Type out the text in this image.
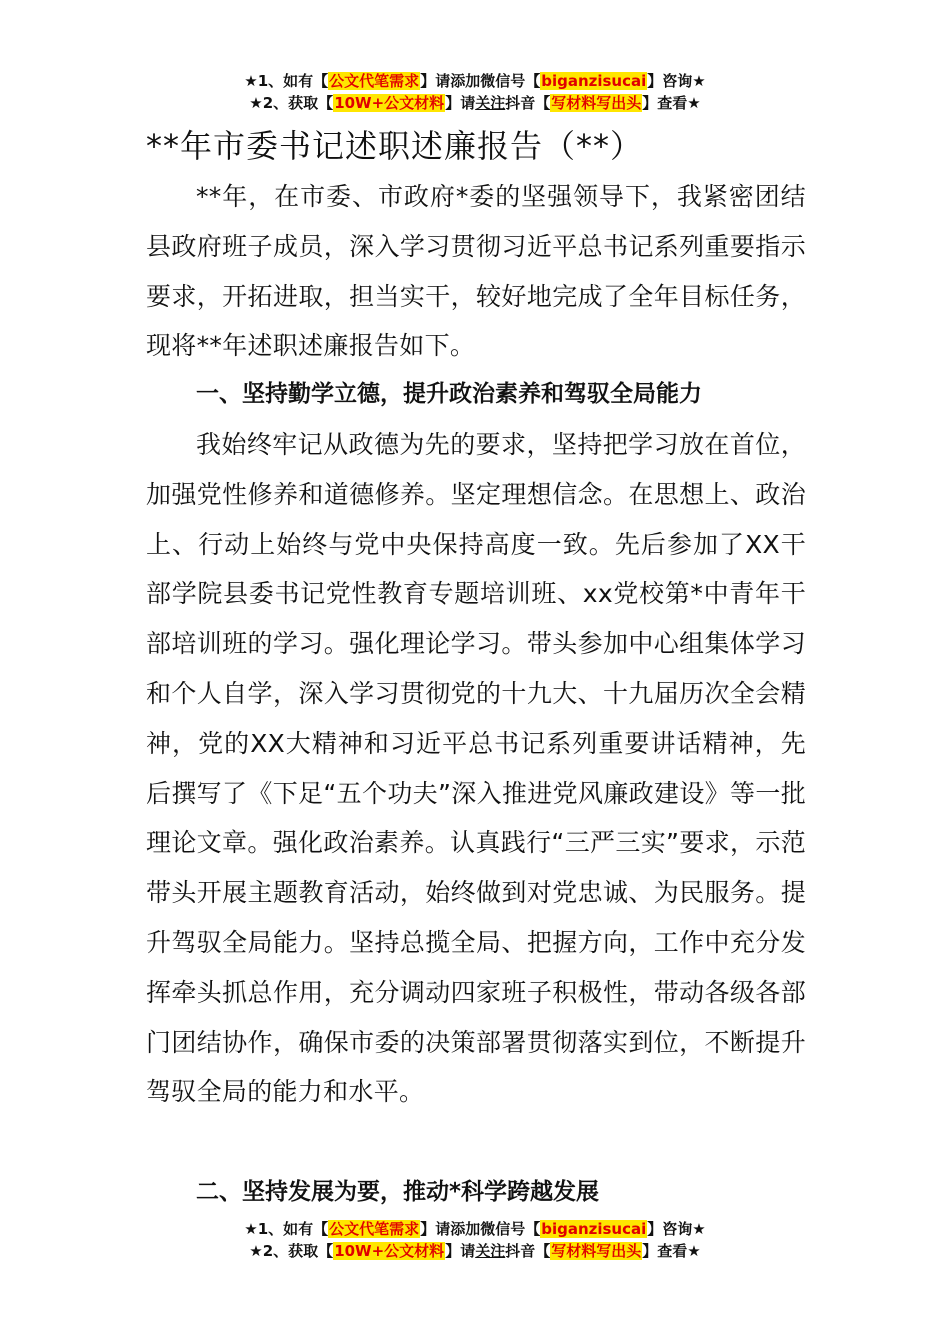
★1、如有【公文代笔需求】请添加微信号【biganzisucai】咨询★
★2、获取【10W+公文材料】请关注抖音【写材料写出头】查看★
**年市委书记述职述廉报告（**）

**年，在市委、市政府*委的坚强领导下，我紧密团结县政府班子成员，深入学习贯彻习近平总书记系列重要指示要求，开拓进取，担当实干，较好地完成了全年目标任务，现将**年述职述廉报告如下。

一、坚持勤学立德，提升政治素养和驾驭全局能力

我始终牢记从政德为先的要求，坚持把学习放在首位，加强党性修养和道德修养。坚定理想信念。在思想上、政治上、行动上始终与党中央保持高度一致。先后参加了XX干部学院县委书记党性教育专题培训班、xx党校第*中青年干部培训班的学习。强化理论学习。带头参加中心组集体学习和个人自学，深入学习贯彻党的十九大、十九届历次全会精神，党的XX大精神和习近平总书记系列重要讲话精神，先后撰写了《下足“五个功夫”深入推进党风廉政建设》等一批理论文章。强化政治素养。认真践行“三严三实”要求，示范带头开展主题教育活动，始终做到对党忠诚、为民服务。提升驾驭全局能力。坚持总揽全局、把握方向，工作中充分发挥牵头抓总作用，充分调动四家班子积极性，带动各级各部门团结协作，确保市委的决策部署贯彻落实到位，不断提升驾驭全局的能力和水平。

二、坚持发展为要，推动*科学跨越发展
★1、如有【公文代笔需求】请添加微信号【biganzisucai】咨询★
★2、获取【10W+公文材料】请关注抖音【写材料写出头】查看★
